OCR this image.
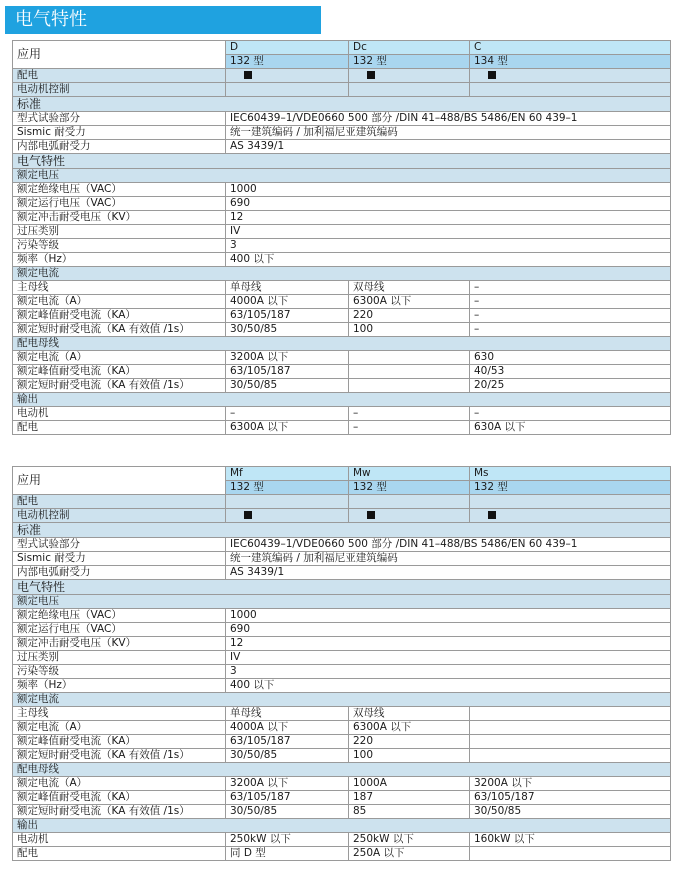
电气特性
应用	D	Dc	C
	132 型	132 型	134 型
配电			
电动机控制			
标准			
型式试验部分	IEC60439–1/VDE0660 500 部分 /DIN 41–488/BS 5486/EN 60 439–1		
Sismic 耐受力	统一建筑编码 / 加利福尼亚建筑编码		
内部电弧耐受力	AS 3439/1		
电气特性			
额定电压			
额定绝缘电压（VAC）	1000		
额定运行电压（VAC）	690		
额定冲击耐受电压（KV）	12		
过压类别	IV		
污染等级	3		
频率（Hz）	400 以下		
额定电流			
主母线	单母线	双母线	–
额定电流（A）	4000A 以下	6300A 以下	–
额定峰值耐受电流（KA）	63/105/187	220	–
额定短时耐受电流（KA 有效值 /1s）	30/50/85	100	–
配电母线			
额定电流（A）	3200A 以下		630
额定峰值耐受电流（KA）	63/105/187		40/53
额定短时耐受电流（KA 有效值 /1s）	30/50/85		20/25
输出			
电动机	–	–	–
配电	6300A 以下	–	630A 以下
应用	Mf	Mw	Ms
	132 型	132 型	132 型
配电			
电动机控制			
标准			
型式试验部分	IEC60439–1/VDE0660 500 部分 /DIN 41–488/BS 5486/EN 60 439–1		
Sismic 耐受力	统一建筑编码 / 加利福尼亚建筑编码		
内部电弧耐受力	AS 3439/1		
电气特性			
额定电压			
额定绝缘电压（VAC）	1000		
额定运行电压（VAC）	690		
额定冲击耐受电压（KV）	12		
过压类别	IV		
污染等级	3		
频率（Hz）	400 以下		
额定电流			
主母线	单母线	双母线	
额定电流（A）	4000A 以下	6300A 以下	
额定峰值耐受电流（KA）	63/105/187	220	
额定短时耐受电流（KA 有效值 /1s）	30/50/85	100	
配电母线			
额定电流（A）	3200A 以下	1000A	3200A 以下
额定峰值耐受电流（KA）	63/105/187	187	63/105/187
额定短时耐受电流（KA 有效值 /1s）	30/50/85	85	30/50/85
输出			
电动机	250kW 以下	250kW 以下	160kW 以下
配电	同 D 型	250A 以下	
